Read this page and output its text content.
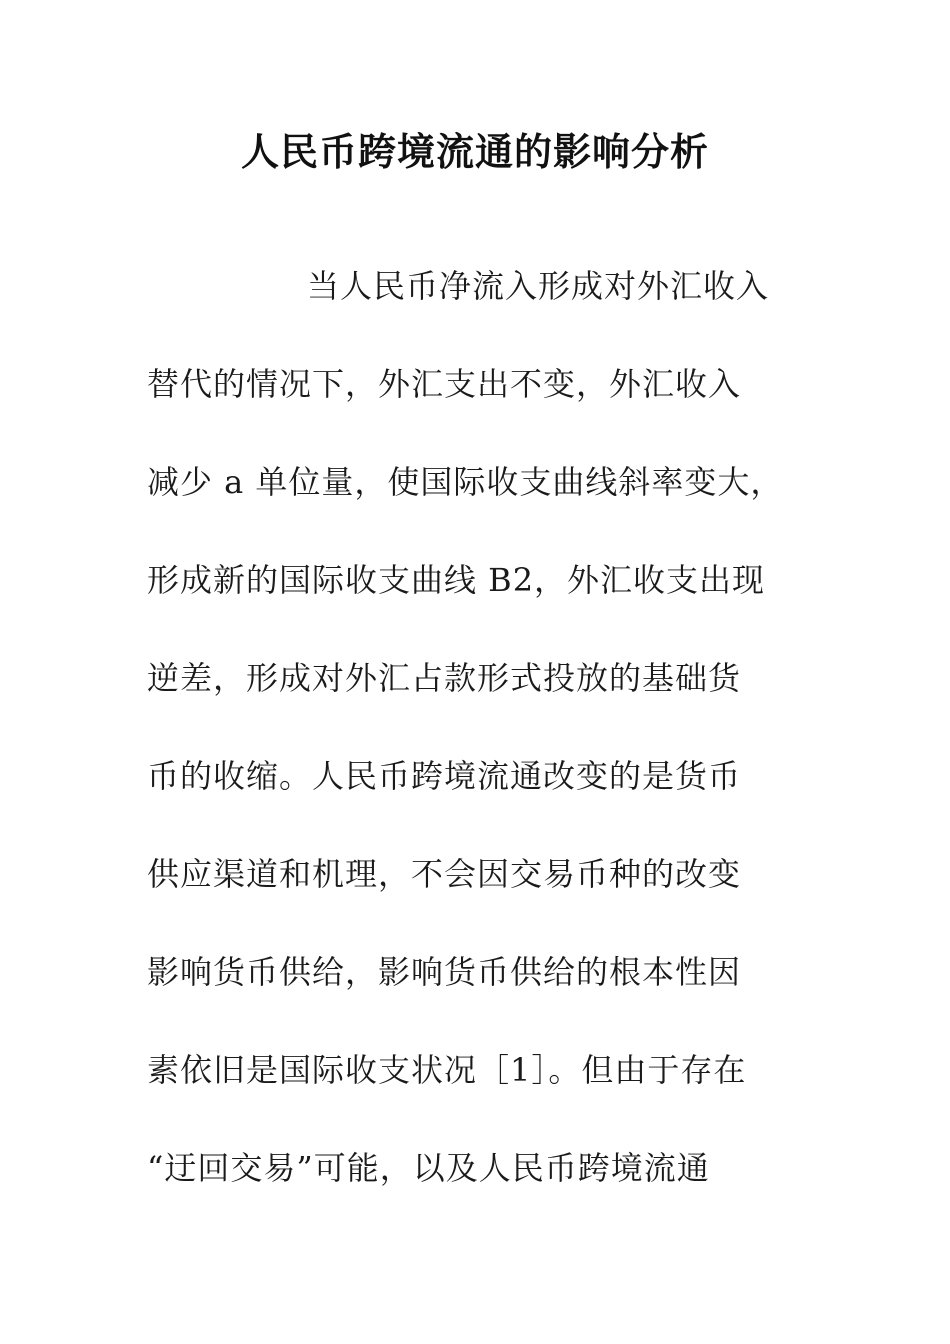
人民币跨境流通的影响分析
当人民币净流入形成对外汇收入
替代的情况下，外汇支出不变，外汇收入
减少 a 单位量，使国际收支曲线斜率变大，
形成新的国际收支曲线 B2，外汇收支出现
逆差，形成对外汇占款形式投放的基础货
币的收缩。人民币跨境流通改变的是货币
供应渠道和机理，不会因交易币种的改变
影响货币供给，影响货币供给的根本性因
素依旧是国际收支状况［1］。但由于存在
“迂回交易”可能，以及人民币跨境流通
